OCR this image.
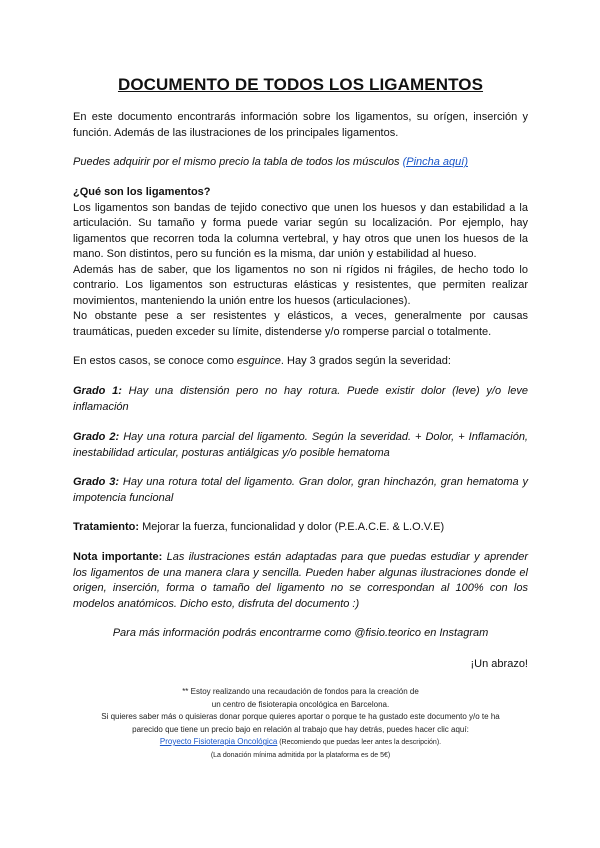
DOCUMENTO DE TODOS LOS LIGAMENTOS

En este documento encontrarás información sobre los ligamentos, su orígen, inserción y función. Además de las ilustraciones de los principales ligamentos.

Puedes adquirir por el mismo precio la tabla de todos los músculos (Pincha aquí)

¿Qué son los ligamentos?
Los ligamentos son bandas de tejido conectivo que unen los huesos y dan estabilidad a la articulación. Su tamaño y forma puede variar según su localización. Por ejemplo, hay ligamentos que recorren toda la columna vertebral, y hay otros que unen los huesos de la mano. Son distintos, pero su función es la misma, dar unión y estabilidad al hueso.
Además has de saber, que los ligamentos no son ni rígidos ni frágiles, de hecho todo lo contrario. Los ligamentos son estructuras elásticas y resistentes, que permiten realizar movimientos, manteniendo la unión entre los huesos (articulaciones).
No obstante pese a ser resistentes y elásticos, a veces, generalmente por causas traumáticas, pueden exceder su límite, distenderse y/o romperse parcial o totalmente.

En estos casos, se conoce como esguince. Hay 3 grados según la severidad:

Grado 1: Hay una distensión pero no hay rotura. Puede existir dolor (leve) y/o leve inflamación

Grado 2: Hay una rotura parcial del ligamento. Según la severidad. + Dolor, + Inflamación, inestabilidad articular, posturas antiálgicas y/o posible hematoma

Grado 3: Hay una rotura total del ligamento. Gran dolor, gran hinchazón, gran hematoma y impotencia funcional

Tratamiento: Mejorar la fuerza, funcionalidad y dolor (P.E.A.C.E. & L.O.V.E)

Nota importante: Las ilustraciones están adaptadas para que puedas estudiar y aprender los ligamentos de una manera clara y sencilla. Pueden haber algunas ilustraciones donde el origen, inserción, forma o tamaño del ligamento no se correspondan al 100% con los modelos anatómicos. Dicho esto, disfruta del documento :)

Para más información podrás encontrarme como @fisio.teorico en Instagram

¡Un abrazo!

** Estoy realizando una recaudación de fondos para la creación de
un centro de fisioterapia oncológica en Barcelona.
Si quieres saber más o quisieras donar porque quieres aportar o porque te ha gustado este documento y/o te ha
parecido que tiene un precio bajo en relación al trabajo que hay detrás, puedes hacer clic aquí:
Proyecto Fisioterapia Oncológica (Recomiendo que puedas leer antes la descripción).
(La donación mínima admitida por la plataforma es de 5€)
